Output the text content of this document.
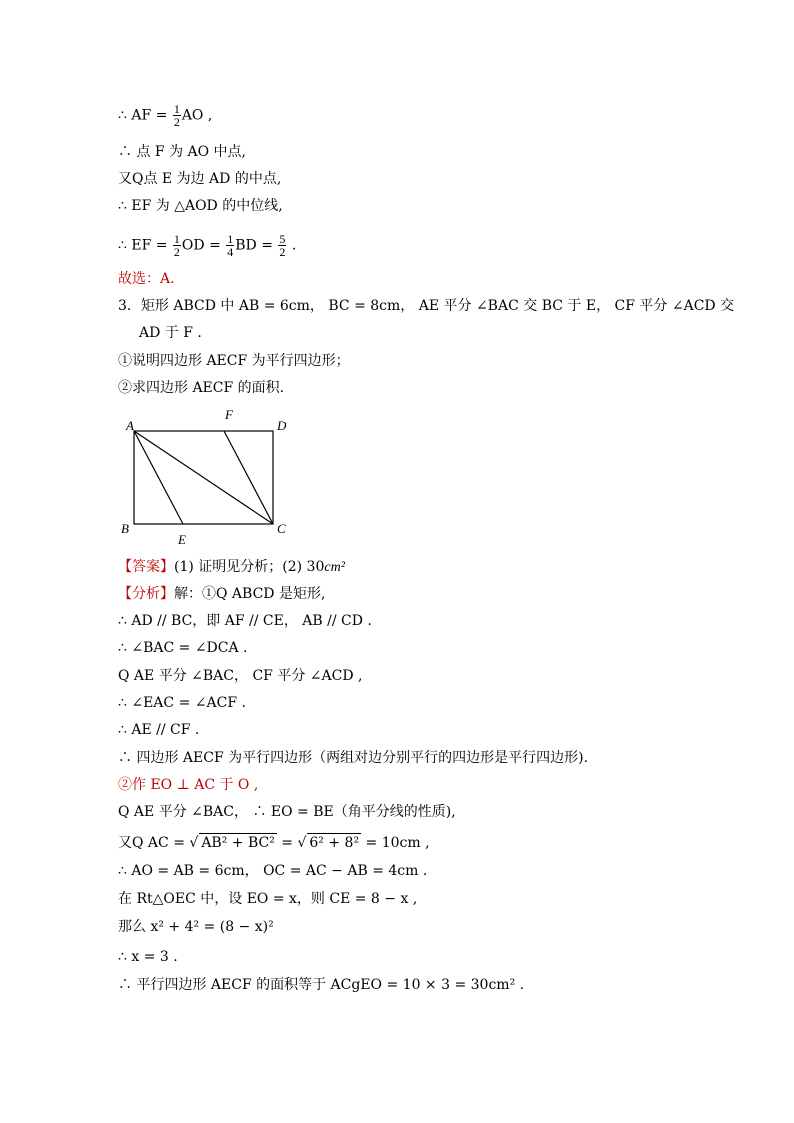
∴ AF = $\frac{1}{2}$ AO ,
∴ 点 F 为 AO 中点,
又Q点 E 为边 AD 的中点,
∴ EF 为 △AOD 的中位线,
∴ EF = $\frac{1}{2}$ OD = $\frac{1}{4}$ BD = $\frac{5}{2}$ .
故选：A.
3．矩形 ABCD 中 AB = 6cm， BC = 8cm， AE 平分 ∠BAC 交 BC 于 E， CF 平分 ∠ACD 交
AD 于 F .
①说明四边形 AECF 为平行四边形；
②求四边形 AECF 的面积.
A
B	C
D
E
F
【答案】(1) 证明见分析；(2) 30cm²
【分析】解：①Q ABCD 是矩形,
∴ AD // BC，即 AF // CE， AB // CD .
∴ ∠BAC = ∠DCA .
Q AE 平分 ∠BAC， CF 平分 ∠ACD ,
∴ ∠EAC = ∠ACF .
∴ AE // CF .
∴ 四边形 AECF 为平行四边形（两组对边分别平行的四边形是平行四边形).
②作 EO ⊥ AC 于 O ,
Q AE 平分 ∠BAC， ∴ EO = BE（角平分线的性质),
又Q AC = √ AB² + BC² = √ 6² + 8² = 10cm ,
∴ AO = AB = 6cm， OC = AC − AB = 4cm .
在 Rt△OEC 中，设 EO = x，则 CE = 8 − x ,
那么 x² + 4² = (8 − x)²
∴ x = 3 .
∴ 平行四边形 AECF 的面积等于 ACgEO = 10 × 3 = 30cm² .
